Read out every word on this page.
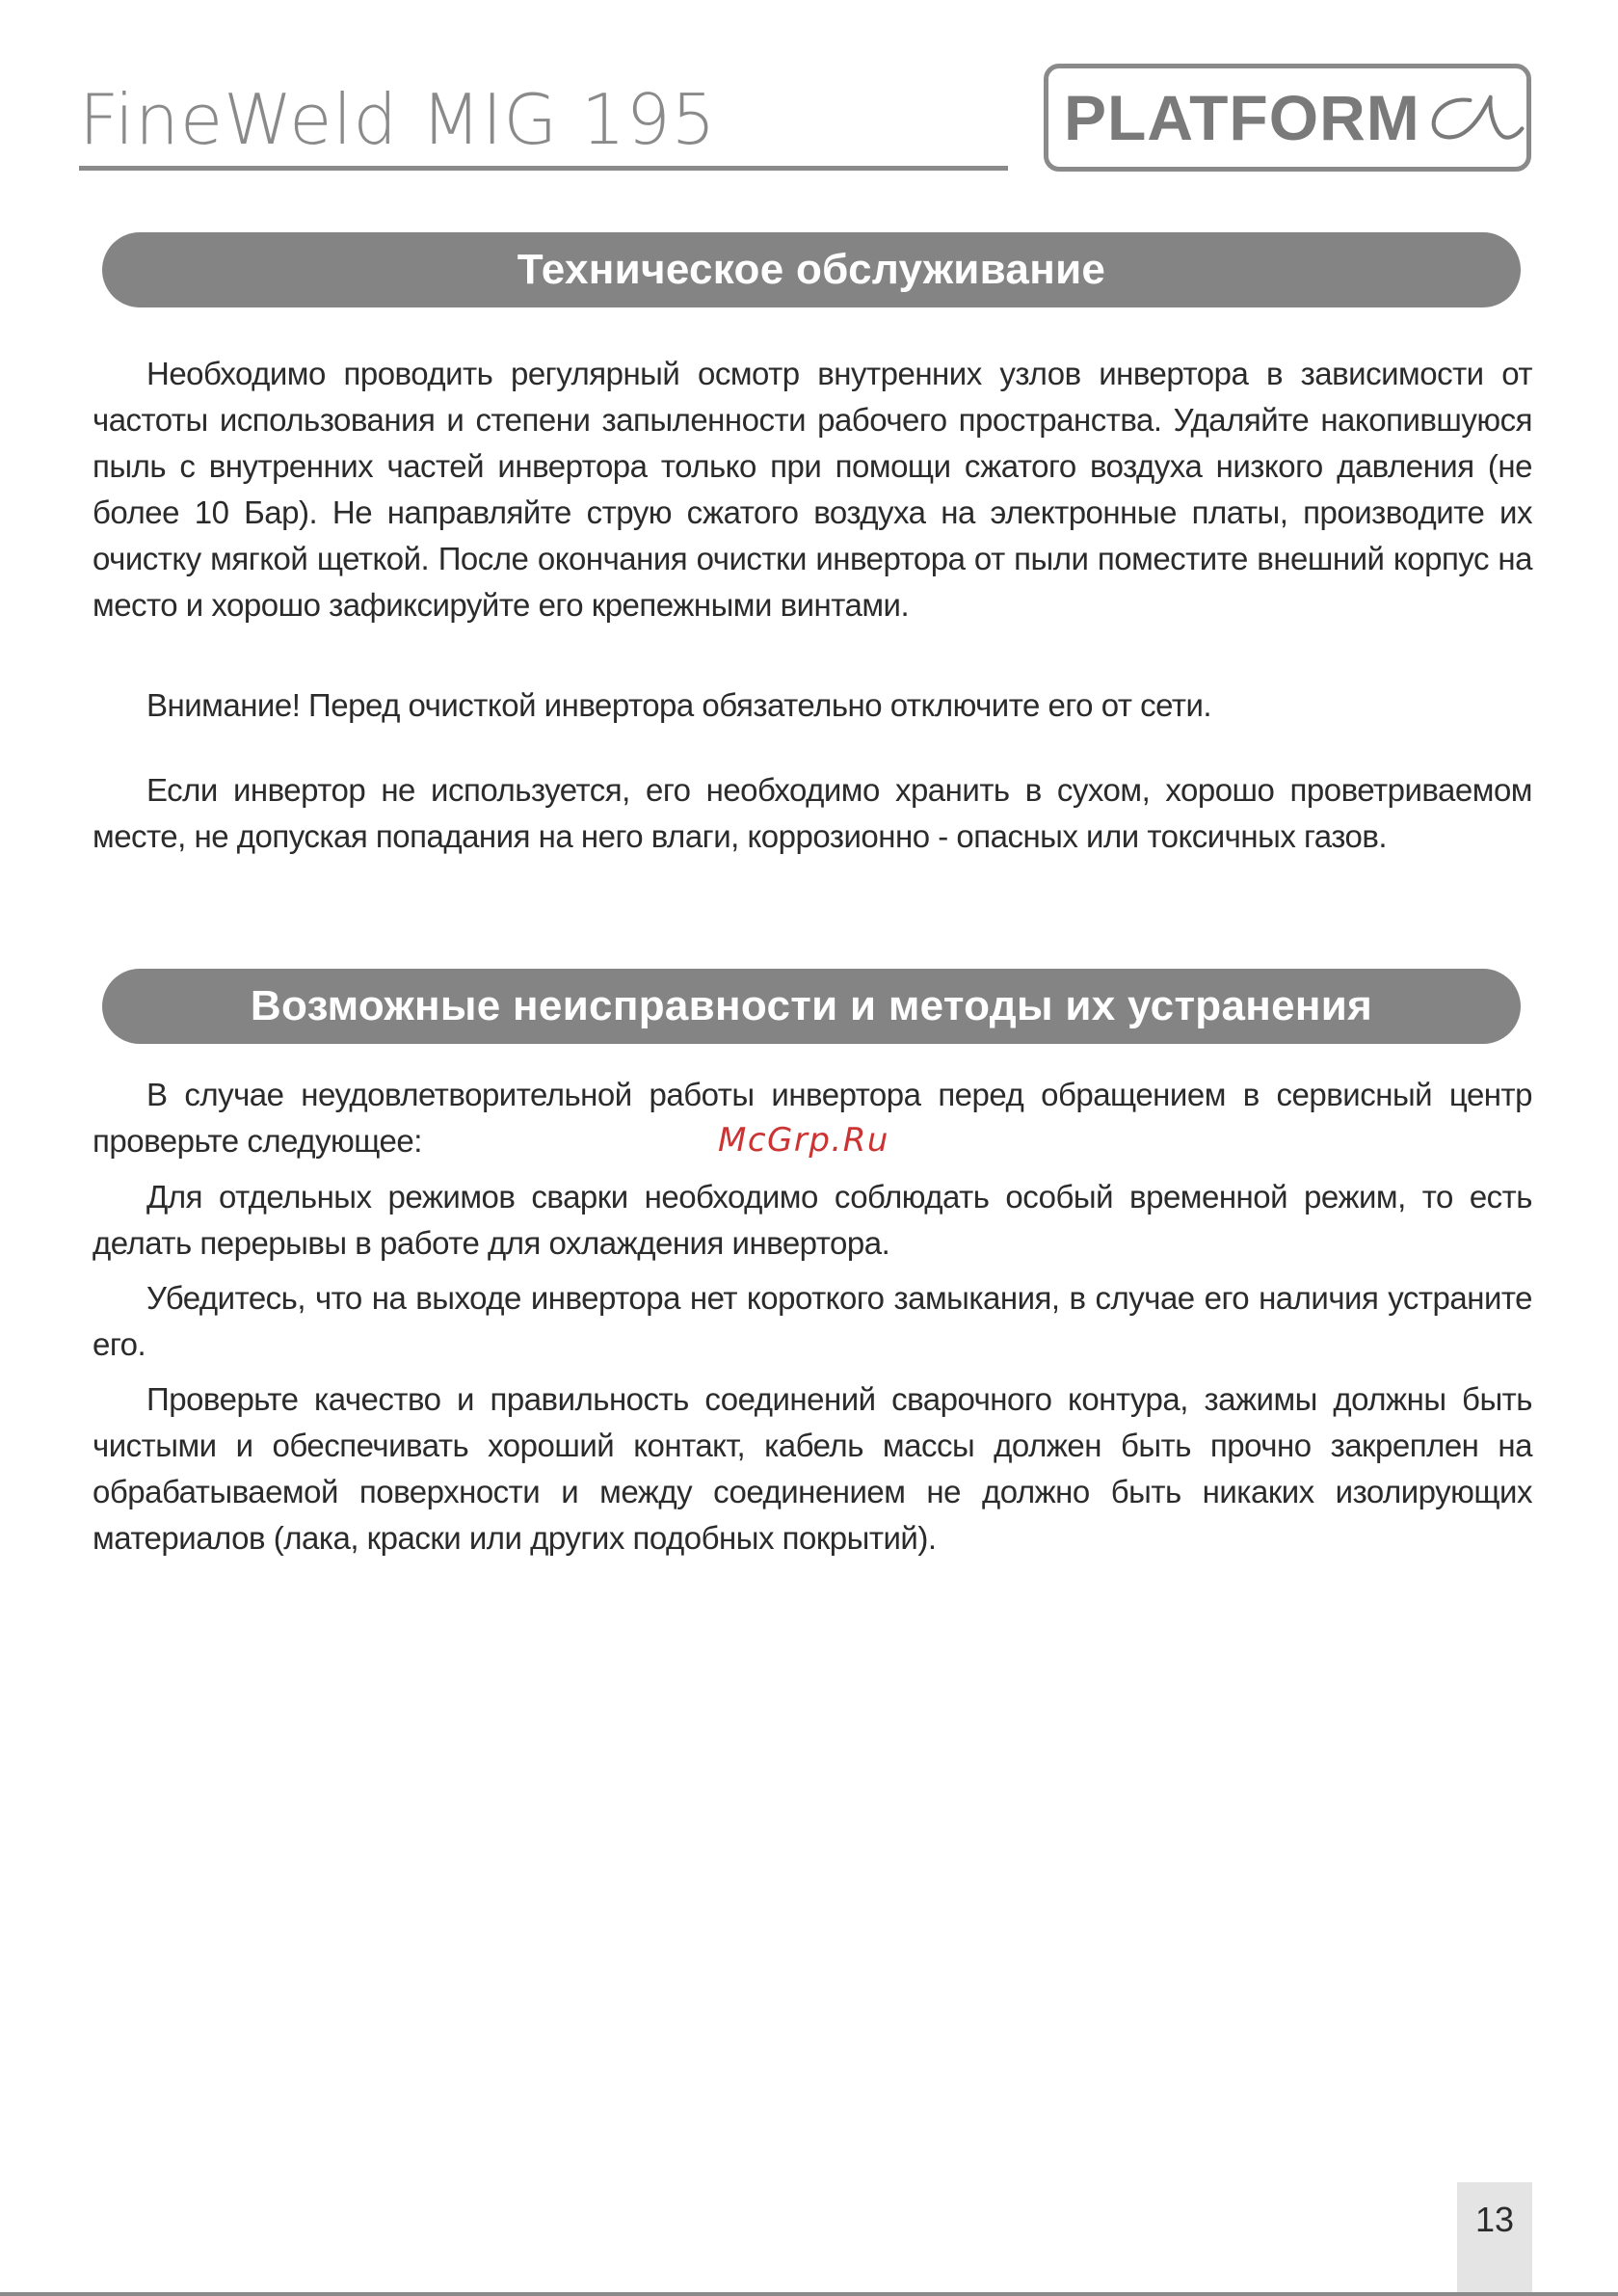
FineWeld MIG 195	PLATFORM
Техническое обслуживание

Необходимо проводить регулярный осмотр внутренних узлов инвертора в зависимости от частоты использования и степени запыленности рабочего пространства. Удаляйте накопившуюся пыль с внутренних частей инвертора только при помощи сжатого воздуха низкого давления (не более 10 Бар). Не направляйте струю сжатого воздуха на электронные платы, производите их очистку мягкой щеткой. После окончания очистки инвертора от пыли поместите внешний корпус на место и хорошо зафиксируйте его крепежными винтами.

Внимание! Перед очисткой инвертора обязательно отключите его от сети.

Если инвертор не используется, его необходимо хранить в сухом, хорошо проветриваемом месте, не допуская попадания на него влаги, коррозионно - опасных или токсичных газов.

Возможные неисправности и методы их устранения

В случае неудовлетворительной работы инвертора перед обращением в сервисный центр проверьте следующее:	McGrp.Ru

Для отдельных режимов сварки необходимо соблюдать особый временной режим, то есть делать перерывы в работе для охлаждения инвертора.

Убедитесь, что на выходе инвертора нет короткого замыкания, в случае его наличия устраните его.

Проверьте качество и правильность соединений сварочного контура, зажимы должны быть чистыми и обеспечивать хороший контакт, кабель массы должен быть прочно закреплен на обрабатываемой поверхности и между соединением не должно быть никаких изолирующих материалов (лака, краски или других подобных покрытий).

13
